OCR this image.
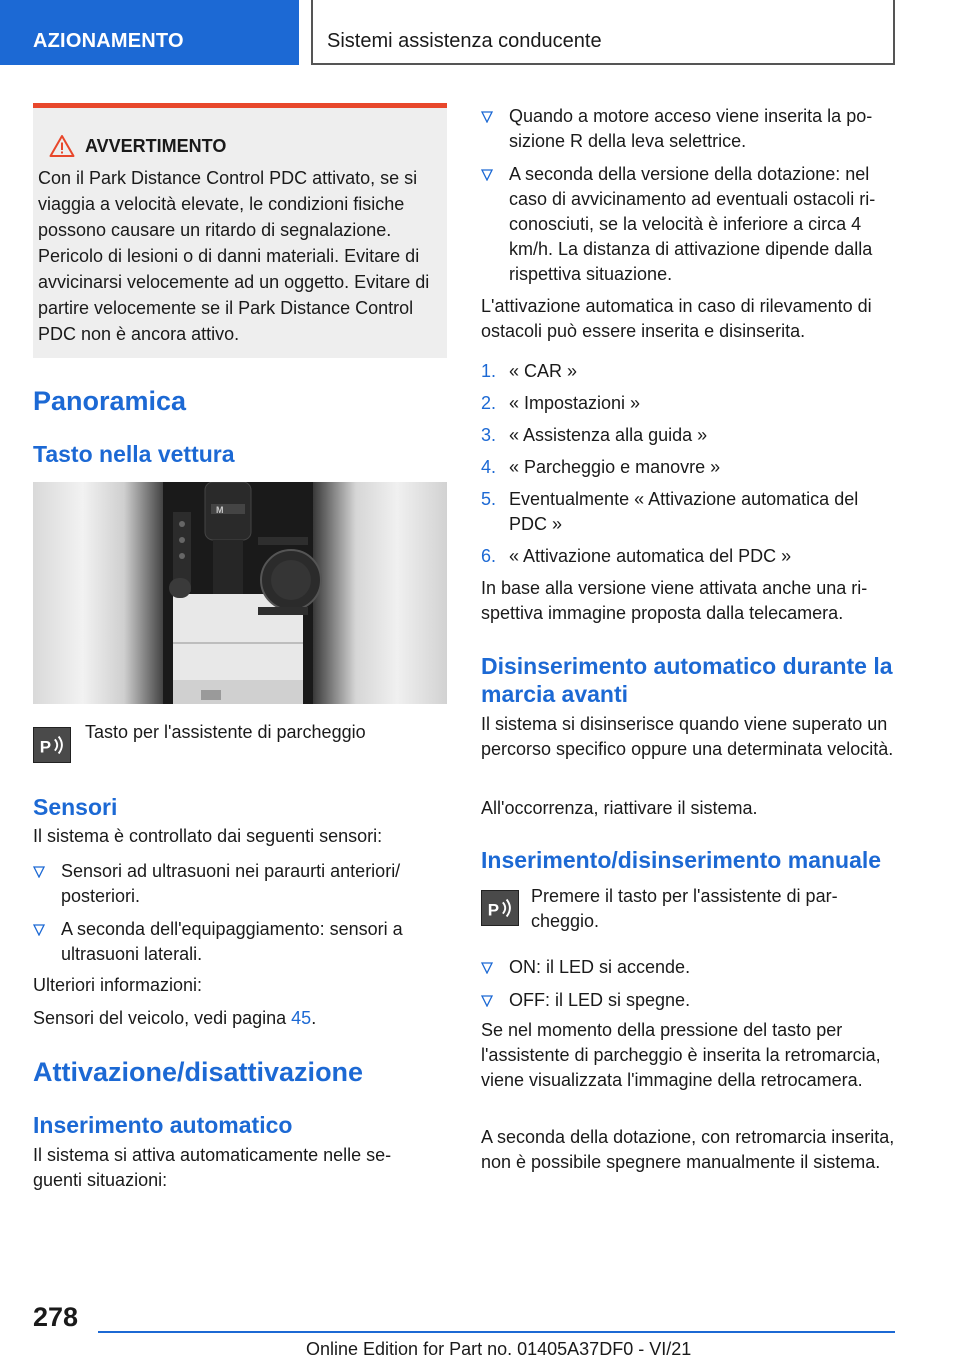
AZIONAMENTO	Sistemi assistenza conducente
AVVERTIMENTO

Con il Park Distance Control PDC attivato, se si viaggia a velocità elevate, le condizioni fisiche possono causare un ritardo di segnalazione. Pericolo di lesioni o di danni materiali. Evitare di avvicinarsi velocemente ad un oggetto. Evitare di partire velocemente se il Park Distance Control PDC non è ancora attivo.

Panoramica
Tasto nella vettura
M
P

Tasto per l'assistente di parcheggio

Sensori

Il sistema è controllato dai seguenti sensori:

Sensori ad ultrasuoni nei paraurti anteriori/ posteriori.
A seconda dell'equipaggiamento: sensori a ultrasuoni laterali.

Ulteriori informazioni:

Sensori del veicolo, vedi pagina 45.

Attivazione/disattivazione
Inserimento automatico

Il sistema si attiva automaticamente nelle seguenti situazioni:

Quando a motore acceso viene inserita la posizione R della leva selettrice.
A seconda della versione della dotazione: nel caso di avvicinamento ad eventuali ostacoli riconosciuti, se la velocità è inferiore a circa 4 km/h. La distanza di attivazione dipende dalla rispettiva situazione.

L'attivazione automatica in caso di rilevamento di ostacoli può essere inserita e disinserita.

1. « CAR »
2. « Impostazioni »
3. « Assistenza alla guida »
4. « Parcheggio e manovre »
5. Eventualmente « Attivazione automatica del PDC »
6. « Attivazione automatica del PDC »

In base alla versione viene attivata anche una rispettiva immagine proposta dalla telecamera.

Disinserimento automatico durante la marcia avanti

Il sistema si disinserisce quando viene superato un percorso specifico oppure una determinata velocità.

All'occorrenza, riattivare il sistema.

Inserimento/disinserimento manuale
P

Premere il tasto per l'assistente di parcheggio.

ON: il LED si accende.
OFF: il LED si spegne.

Se nel momento della pressione del tasto per l'assistente di parcheggio è inserita la retromarcia, viene visualizzata l'immagine della retrocamera.

A seconda della dotazione, con retromarcia inserita, non è possibile spegnere manualmente il sistema.

278
Online Edition for Part no. 01405A37DF0 - VI/21
